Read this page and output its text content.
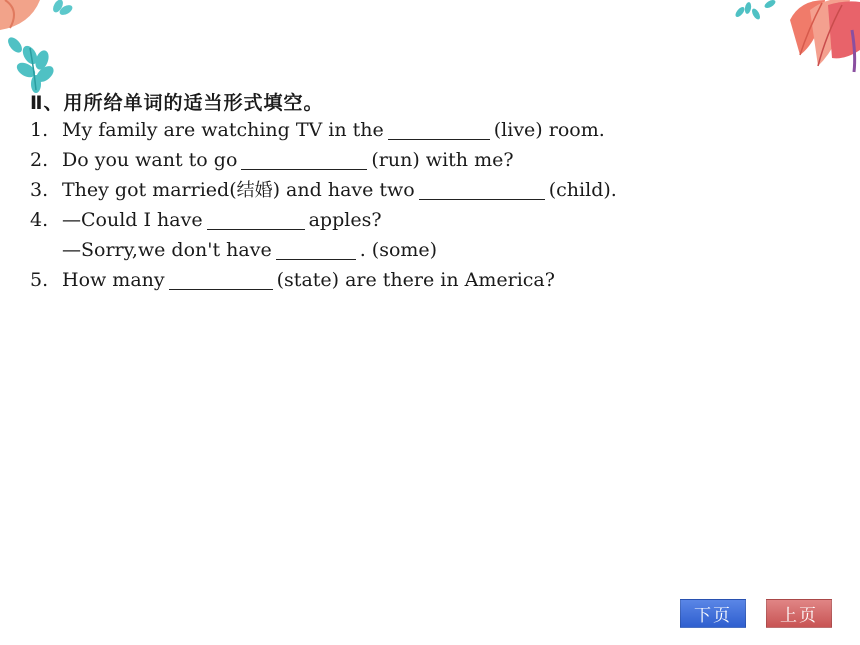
Ⅱ、用所给单词的适当形式填空。
1. My family are watching TV in the	(live) room.
2. Do you want to go	(run) with me?
3. They got married(结婚) and have two	(child).
4. —Could I have	apples?
—Sorry,we don't have	. (some)
5. How many	(state) are there in America?
下页	上页
